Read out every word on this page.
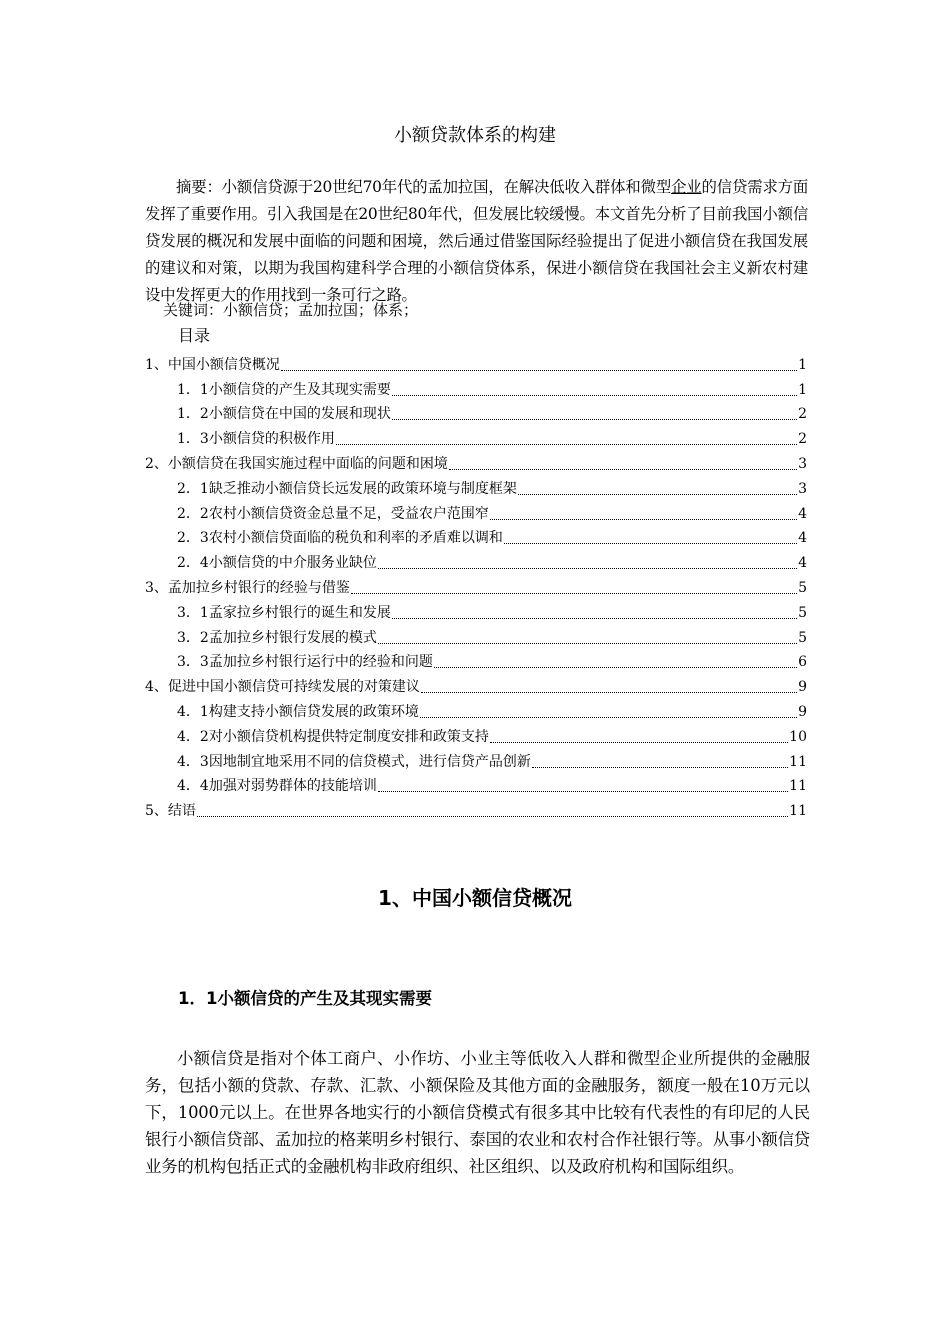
小额贷款体系的构建
摘要：小额信贷源于20世纪70年代的孟加拉国，在解决低收入群体和微型企业的信贷需求方面发挥了重要作用。引入我国是在20世纪80年代，但发展比较缓慢。本文首先分析了目前我国小额信贷发展的概况和发展中面临的问题和困境，然后通过借鉴国际经验提出了促进小额信贷在我国发展的建议和对策，以期为我国构建科学合理的小额信贷体系，保进小额信贷在我国社会主义新农村建设中发挥更大的作用找到一条可行之路。
关键词：小额信贷；孟加拉国；体系；
目录
1、中国小额信贷概况	1
1．1小额信贷的产生及其现实需要	1
1．2小额信贷在中国的发展和现状	2
1．3小额信贷的积极作用	2
2、小额信贷在我国实施过程中面临的问题和困境	3
2．1缺乏推动小额信贷长远发展的政策环境与制度框架	3
2．2农村小额信贷资金总量不足，受益农户范围窄	4
2．3农村小额信贷面临的税负和利率的矛盾难以调和	4
2．4小额信贷的中介服务业缺位	4
3、孟加拉乡村银行的经验与借鉴	5
3．1孟家拉乡村银行的诞生和发展	5
3．2孟加拉乡村银行发展的模式	5
3．3孟加拉乡村银行运行中的经验和问题	6
4、促进中国小额信贷可持续发展的对策建议	9
4．1构建支持小额信贷发展的政策环境	9
4．2对小额信贷机构提供特定制度安排和政策支持	10
4．3因地制宜地采用不同的信贷模式，进行信贷产品创新	11
4．4加强对弱势群体的技能培训	11
5、结语	11
1、中国小额信贷概况
1．1小额信贷的产生及其现实需要
小额信贷是指对个体工商户、小作坊、小业主等低收入人群和微型企业所提供的金融服务，包括小额的贷款、存款、汇款、小额保险及其他方面的金融服务，额度一般在10万元以下，1000元以上。在世界各地实行的小额信贷模式有很多其中比较有代表性的有印尼的人民银行小额信贷部、孟加拉的格莱明乡村银行、泰国的农业和农村合作社银行等。从事小额信贷业务的机构包括正式的金融机构非政府组织、社区组织、以及政府机构和国际组织。
